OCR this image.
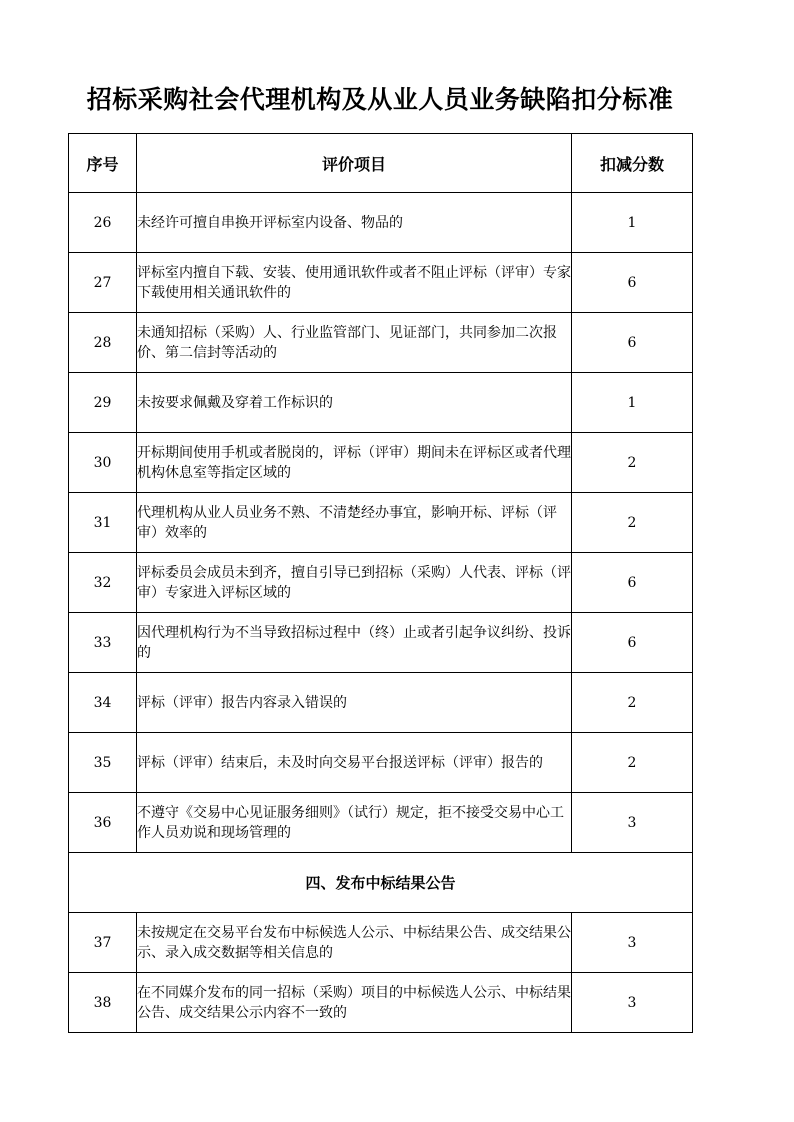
招标采购社会代理机构及从业人员业务缺陷扣分标准
序号	评价项目	扣减分数
26	未经许可擅自串换开评标室内设备、物品的	1
27	评标室内擅自下载、安装、使用通讯软件或者不阻止评标（评审）专家下载使用相关通讯软件的	6
28	未通知招标（采购）人、行业监管部门、见证部门，共同参加二次报价、第二信封等活动的	6
29	未按要求佩戴及穿着工作标识的	1
30	开标期间使用手机或者脱岗的，评标（评审）期间未在评标区或者代理机构休息室等指定区域的	2
31	代理机构从业人员业务不熟、不清楚经办事宜，影响开标、评标（评审）效率的	2
32	评标委员会成员未到齐，擅自引导已到招标（采购）人代表、评标（评审）专家进入评标区域的	6
33	因代理机构行为不当导致招标过程中（终）止或者引起争议纠纷、投诉的	6
34	评标（评审）报告内容录入错误的	2
35	评标（评审）结束后，未及时向交易平台报送评标（评审）报告的	2
36	不遵守《交易中心见证服务细则》（试行）规定，拒不接受交易中心工作人员劝说和现场管理的	3
四、发布中标结果公告		
37	未按规定在交易平台发布中标候选人公示、中标结果公告、成交结果公示、录入成交数据等相关信息的	3
38	在不同媒介发布的同一招标（采购）项目的中标候选人公示、中标结果公告、成交结果公示内容不一致的	3
